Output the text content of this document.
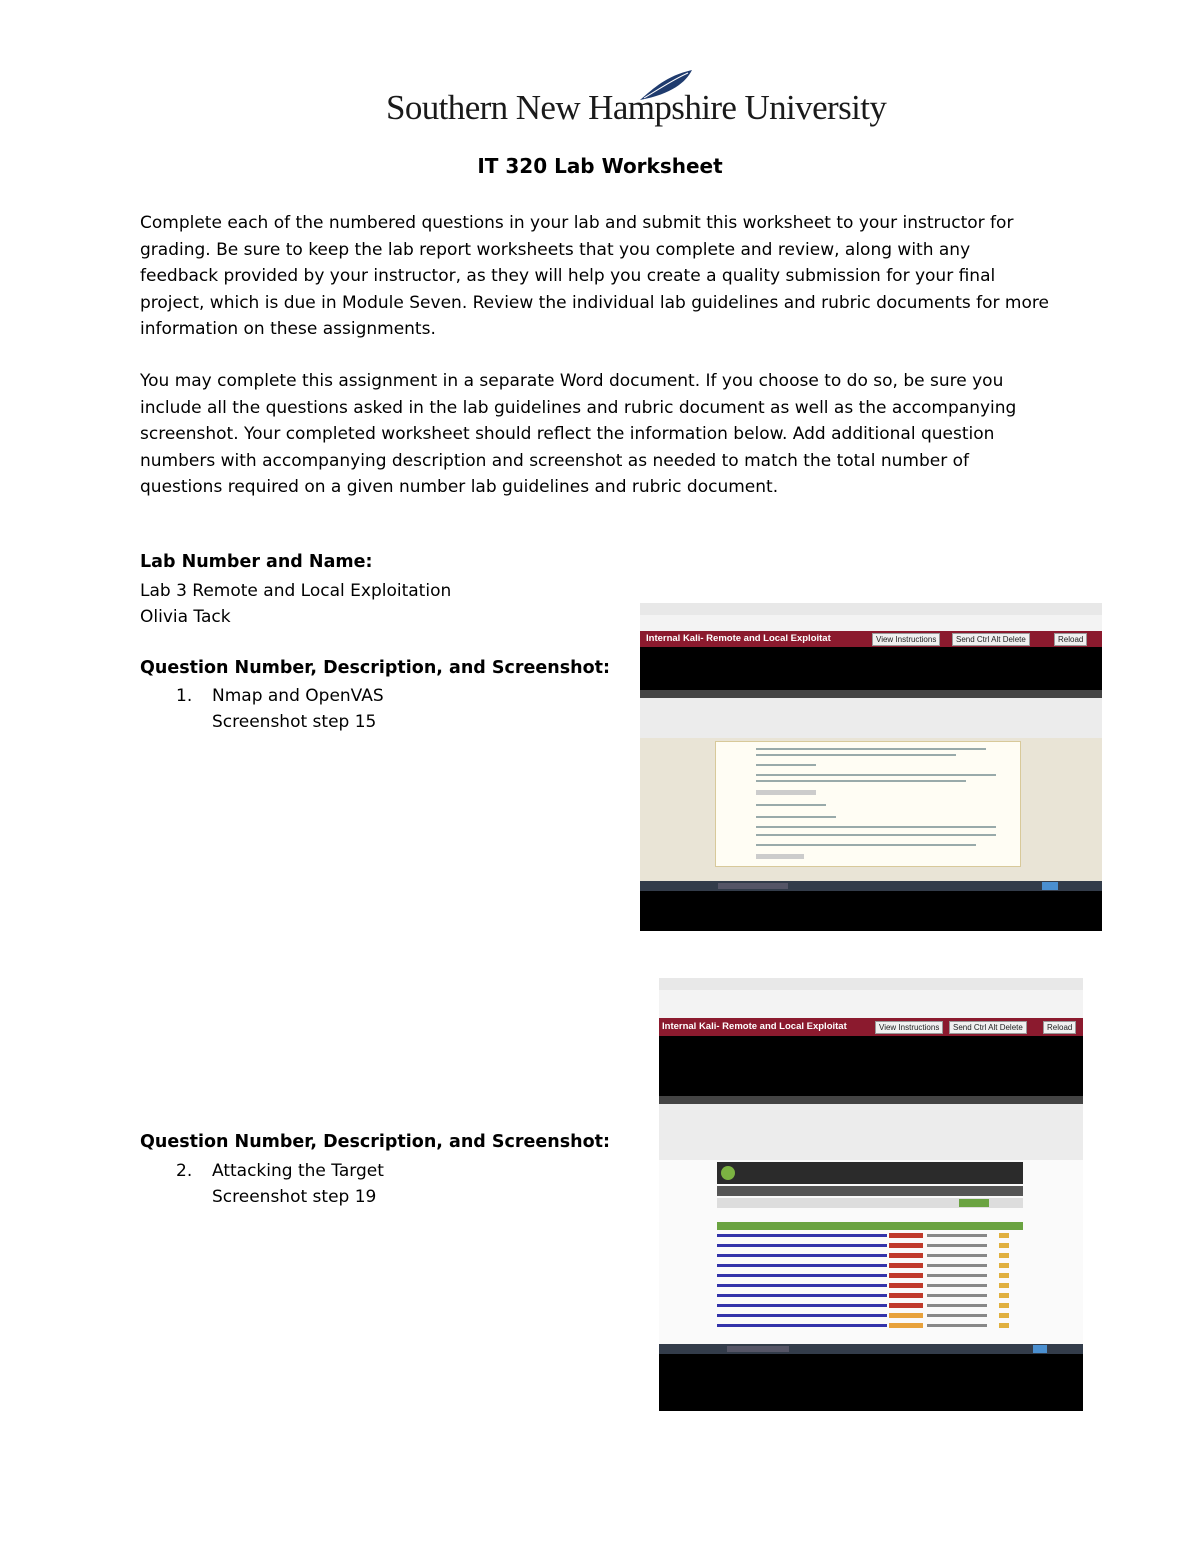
Southern New Hampshire University
IT 320 Lab Worksheet

Complete each of the numbered questions in your lab and submit this worksheet to your instructor for grading. Be sure to keep the lab report worksheets that you complete and review, along with any feedback provided by your instructor, as they will help you create a quality submission for your final project, which is due in Module Seven. Review the individual lab guidelines and rubric documents for more information on these assignments.

You may complete this assignment in a separate Word document. If you choose to do so, be sure you include all the questions asked in the lab guidelines and rubric document as well as the accompanying screenshot. Your completed worksheet should reflect the information below. Add additional question numbers with accompanying description and screenshot as needed to match the total number of questions required on a given number lab guidelines and rubric document.

Lab Number and Name:
Lab 3 Remote and Local Exploitation
Olivia Tack
Question Number, Description, and Screenshot:
1. Nmap and OpenVAS
Screenshot step 15
Question Number, Description, and Screenshot:
2. Attacking the Target
Screenshot step 19
Internal Kali- Remote and Local Exploitat	View Instructions	Send Ctrl Alt Delete	Reload
Internal Kali- Remote and Local Exploitat	View Instructions	Send Ctrl Alt Delete	Reload
